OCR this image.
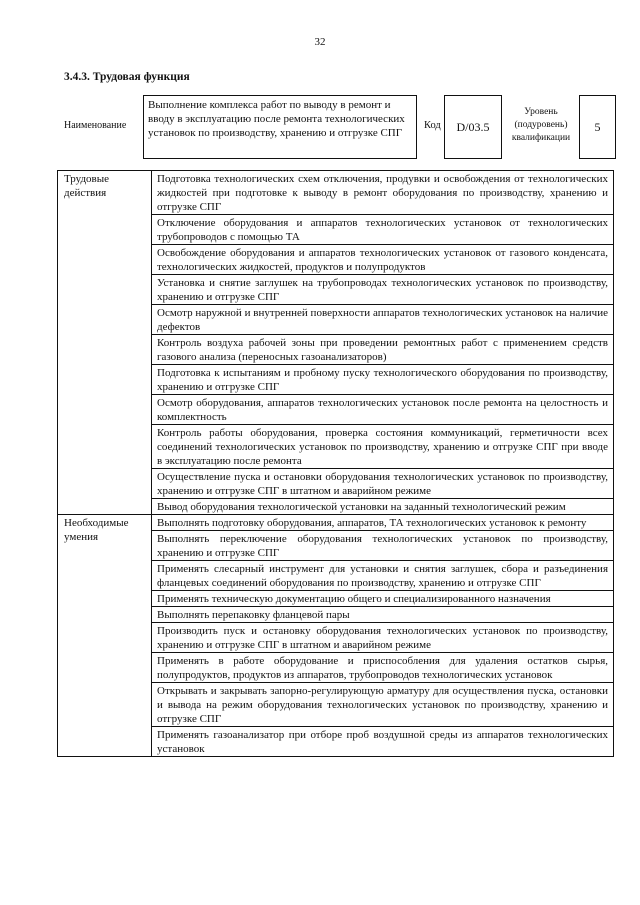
32
3.4.3. Трудовая функция
Наименование
Выполнение комплекса работ по выводу в ремонт и вводу в эксплуатацию после ремонта технологических установок по производству, хранению и отгрузке СПГ
Код	D/03.5
Уровень (подуровень) квалификации
5
Трудовые действия	Подготовка технологических схем отключения, продувки и освобождения от технологических жидкостей при подготовке к выводу в ремонт оборудования по производству, хранению и отгрузке СПГ
	Отключение оборудования и аппаратов технологических установок от технологических трубопроводов с помощью ТА
	Освобождение оборудования и аппаратов технологических установок от газового конденсата, технологических жидкостей, продуктов и полупродуктов
	Установка и снятие заглушек на трубопроводах технологических установок по производству, хранению и отгрузке СПГ
	Осмотр наружной и внутренней поверхности аппаратов технологических установок на наличие дефектов
	Контроль воздуха рабочей зоны при проведении ремонтных работ с применением средств газового анализа (переносных газоанализаторов)
	Подготовка к испытаниям и пробному пуску технологического оборудования по производству, хранению и отгрузке СПГ
	Осмотр оборудования, аппаратов технологических установок после ремонта на целостность и комплектность
	Контроль работы оборудования, проверка состояния коммуникаций, герметичности всех соединений технологических установок по производству, хранению и отгрузке СПГ при вводе в эксплуатацию после ремонта
	Осуществление пуска и остановки оборудования технологических установок по производству, хранению и отгрузке СПГ в штатном и аварийном режиме
	Вывод оборудования технологической установки на заданный технологический режим
Необходимые умения	Выполнять подготовку оборудования, аппаратов, ТА технологических установок к ремонту
	Выполнять переключение оборудования технологических установок по производству, хранению и отгрузке СПГ
	Применять слесарный инструмент для установки и снятия заглушек, сбора и разъединения фланцевых соединений оборудования по производству, хранению и отгрузке СПГ
	Применять техническую документацию общего и специализированного назначения
	Выполнять перепаковку фланцевой пары
	Производить пуск и остановку оборудования технологических установок по производству, хранению и отгрузке СПГ в штатном и аварийном режиме
	Применять в работе оборудование и приспособления для удаления остатков сырья, полупродуктов, продуктов из аппаратов, трубопроводов технологических установок
	Открывать и закрывать запорно-регулирующую арматуру для осуществления пуска, остановки и вывода на режим оборудования технологических установок по производству, хранению и отгрузке СПГ
	Применять газоанализатор при отборе проб воздушной среды из аппаратов технологических установок
